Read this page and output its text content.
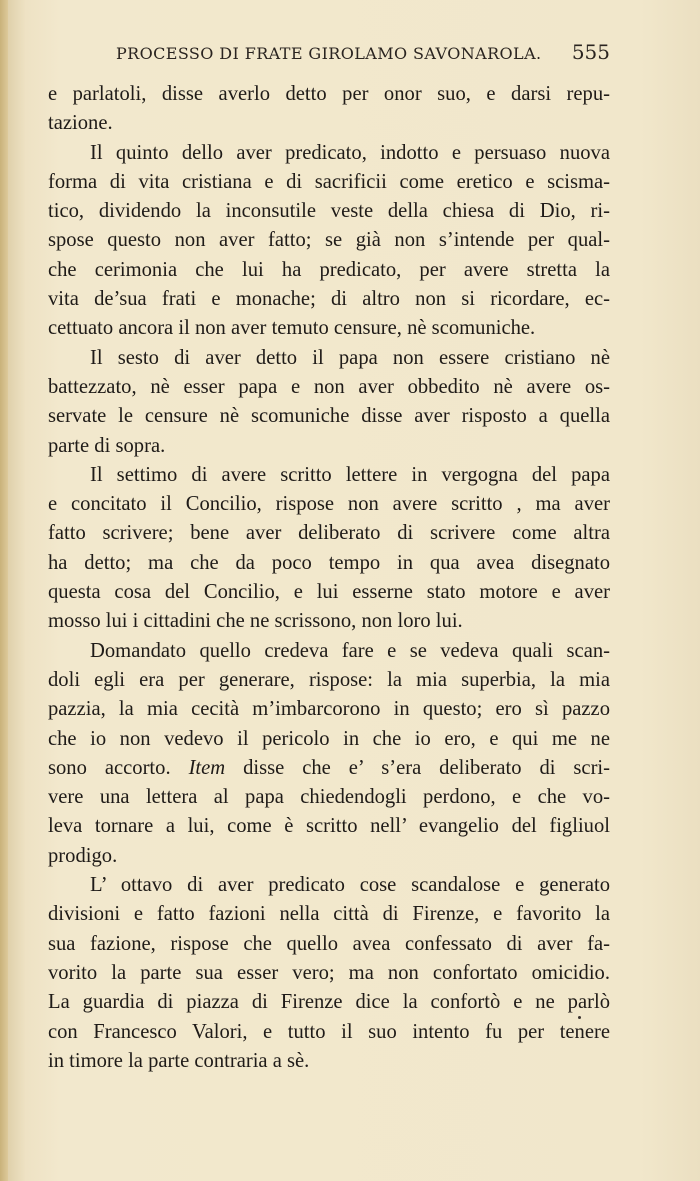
PROCESSO DI FRATE GIROLAMO SAVONAROLA. 555
e parlatoli, disse averlo detto per onor suo, e darsi repu-
tazione.
Il quinto dello aver predicato, indotto e persuaso nuova
forma di vita cristiana e di sacrificii come eretico e scisma-
tico, dividendo la inconsutile veste della chiesa di Dio, ri-
spose questo non aver fatto; se già non s’intende per qual-
che cerimonia che lui ha predicato, per avere stretta la
vita de’sua frati e monache; di altro non si ricordare, ec-
cettuato ancora il non aver temuto censure, nè scomuniche.
Il sesto di aver detto il papa non essere cristiano nè
battezzato, nè esser papa e non aver obbedito nè avere os-
servate le censure nè scomuniche disse aver risposto a quella
parte di sopra.
Il settimo di avere scritto lettere in vergogna del papa
e concitato il Concilio, rispose non avere scritto , ma aver
fatto scrivere; bene aver deliberato di scrivere come altra
ha detto; ma che da poco tempo in qua avea disegnato
questa cosa del Concilio, e lui esserne stato motore e aver
mosso lui i cittadini che ne scrissono, non loro lui.
Domandato quello credeva fare e se vedeva quali scan-
doli egli era per generare, rispose: la mia superbia, la mia
pazzia, la mia cecità m’imbarcorono in questo; ero sì pazzo
che io non vedevo il pericolo in che io ero, e qui me ne
sono accorto. Item disse che e’ s’era deliberato di scri-
vere una lettera al papa chiedendogli perdono, e che vo-
leva tornare a lui, come è scritto nell’ evangelio del figliuol
prodigo.
L’ ottavo di aver predicato cose scandalose e generato
divisioni e fatto fazioni nella città di Firenze, e favorito la
sua fazione, rispose che quello avea confessato di aver fa-
vorito la parte sua esser vero; ma non confortato omicidio.
La guardia di piazza di Firenze dice la confortò e ne parlò
con Francesco Valori, e tutto il suo intento fu per tenere
in timore la parte contraria a sè.
